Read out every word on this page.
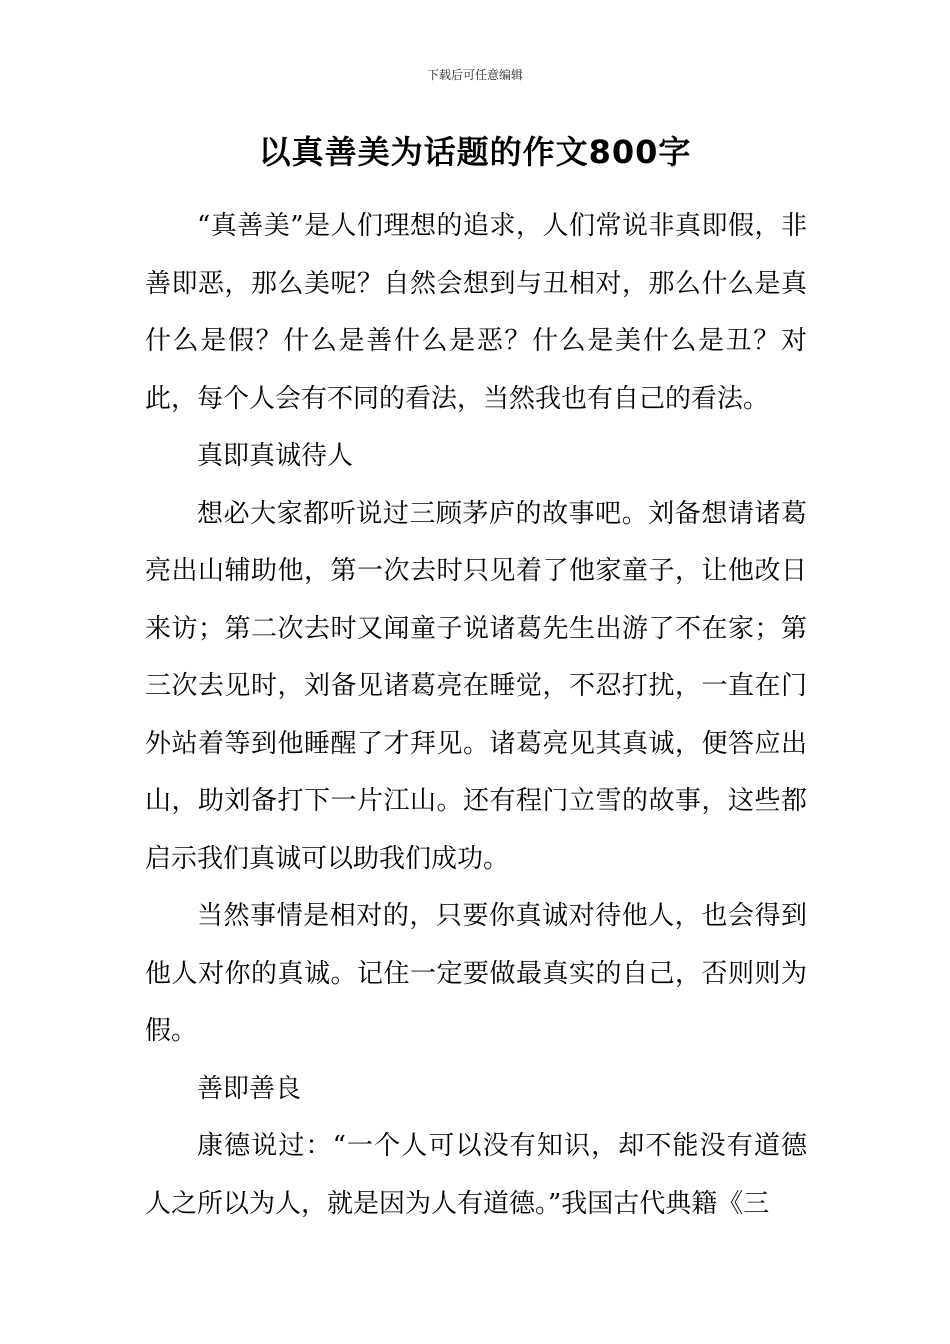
下载后可任意编辑
以真善美为话题的作文800字

“真善美”是人们理想的追求，人们常说非真即假，非善即恶，那么美呢？自然会想到与丑相对，那么什么是真什么是假？什么是善什么是恶？什么是美什么是丑？对此，每个人会有不同的看法，当然我也有自己的看法。

真即真诚待人

想必大家都听说过三顾茅庐的故事吧。刘备想请诸葛亮出山辅助他，第一次去时只见着了他家童子，让他改日来访；第二次去时又闻童子说诸葛先生出游了不在家；第三次去见时，刘备见诸葛亮在睡觉，不忍打扰，一直在门外站着等到他睡醒了才拜见。诸葛亮见其真诚，便答应出山，助刘备打下一片江山。还有程门立雪的故事，这些都启示我们真诚可以助我们成功。

当然事情是相对的，只要你真诚对待他人，也会得到他人对你的真诚。记住一定要做最真实的自己，否则则为假。

善即善良

康德说过：“一个人可以没有知识，却不能没有道德人之所以为人，就是因为人有道德。”我国古代典籍《三
